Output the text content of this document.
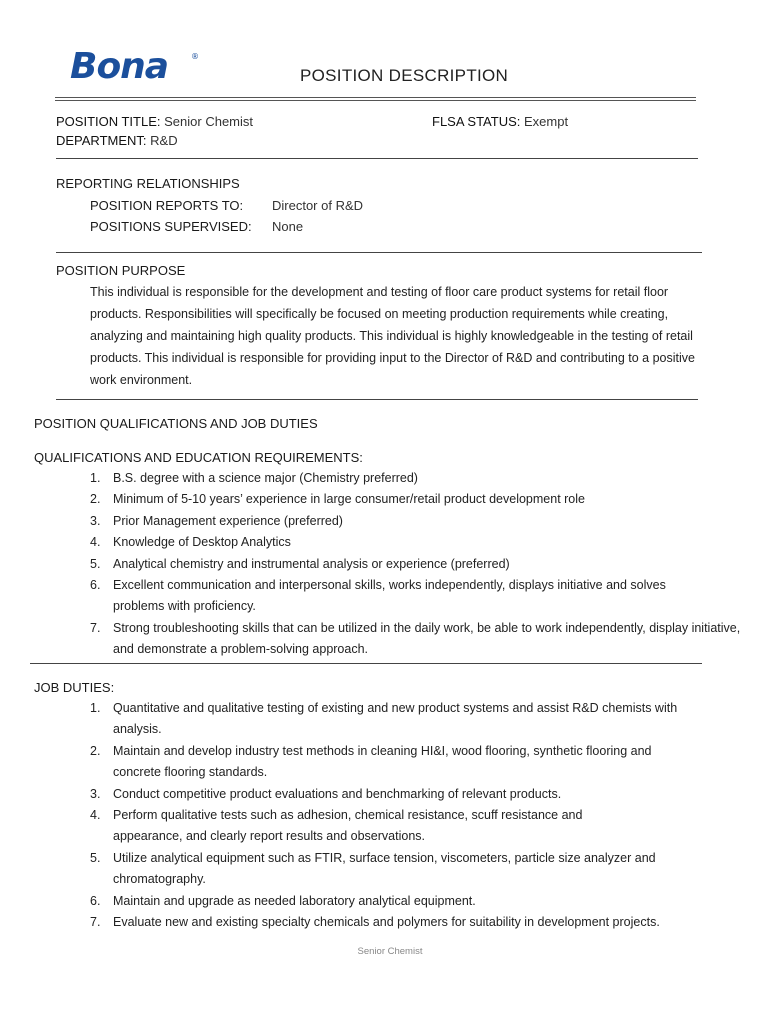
Bona	®
POSITION DESCRIPTION
POSITION TITLE: Senior Chemist	FLSA STATUS: Exempt
DEPARTMENT: R&D
REPORTING RELATIONSHIPS
POSITION REPORTS TO: Director of R&D
POSITIONS SUPERVISED: None
POSITION PURPOSE

This individual is responsible for the development and testing of floor care product systems for retail floor products. Responsibilities will specifically be focused on meeting production requirements while creating, analyzing and maintaining high quality products. This individual is highly knowledgeable in the testing of retail products. This individual is responsible for providing input to the Director of R&D and contributing to a positive work environment.

POSITION QUALIFICATIONS AND JOB DUTIES
QUALIFICATIONS AND EDUCATION REQUIREMENTS:
1. B.S. degree with a science major (Chemistry preferred)
2. Minimum of 5-10 years’ experience in large consumer/retail product development role
3. Prior Management experience (preferred)
4. Knowledge of Desktop Analytics
5. Analytical chemistry and instrumental analysis or experience (preferred)
6. Excellent communication and interpersonal skills, works independently, displays initiative and solves problems with proficiency.
7. Strong troubleshooting skills that can be utilized in the daily work, be able to work independently, display initiative, and demonstrate a problem-solving approach.
JOB DUTIES:
1. Quantitative and qualitative testing of existing and new product systems and assist R&D chemists with analysis.
2. Maintain and develop industry test methods in cleaning HI&I, wood flooring, synthetic flooring and concrete flooring standards.
3. Conduct competitive product evaluations and benchmarking of relevant products.
4. Perform qualitative tests such as adhesion, chemical resistance, scuff resistance and appearance, and clearly report results and observations.
5. Utilize analytical equipment such as FTIR, surface tension, viscometers, particle size analyzer and chromatography.
6. Maintain and upgrade as needed laboratory analytical equipment.
7. Evaluate new and existing specialty chemicals and polymers for suitability in development projects.
Senior Chemist
